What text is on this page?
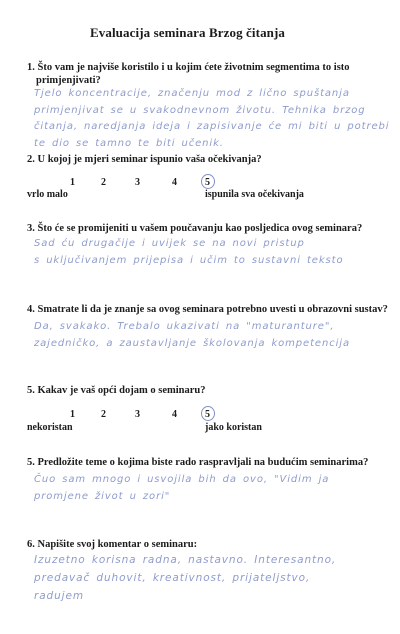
Evaluacija seminara Brzog čitanja
1. Što vam je najviše koristilo i u kojim ćete životnim segmentima to isto
primjenjivati?
Tjelo koncentracije, značenju mod z lično spuštanja
primjenjivat se u svakodnevnom životu. Tehnika brzog
čitanja, naredjanja ideja i zapisivanje će mi biti u potrebi
te dio se tamno te biti učenik.
2. U kojoj je mjeri seminar ispunio vaša očekivanja?
1	2	3	4	5
vrlo malo	ispunila sva očekivanja
3. Što će se promijeniti u vašem poučavanju kao posljedica ovog seminara?
Sad ću drugačije i uvijek se na novi pristup
s uključivanjem prijepisa i učim to sustavni teksto
4. Smatrate li da je znanje sa ovog seminara potrebno uvesti u obrazovni sustav?
Da, svakako. Trebalo ukazivati na "maturanture",
zajedničko, a zaustavljanje školovanja kompetencija
5. Kakav je vaš opći dojam o seminaru?
1	2	3	4	5
nekoristan	jako koristan
5. Predložite teme o kojima biste rado raspravljali na budućim seminarima?
Čuo sam mnogo i usvojila bih da ovo, "Vidim ja
promjene život u zori"
6. Napišite svoj komentar o seminaru:
Izuzetno korisna radna, nastavno. Interesantno,
predavač duhovit, kreativnost, prijateljstvo,
radujem
